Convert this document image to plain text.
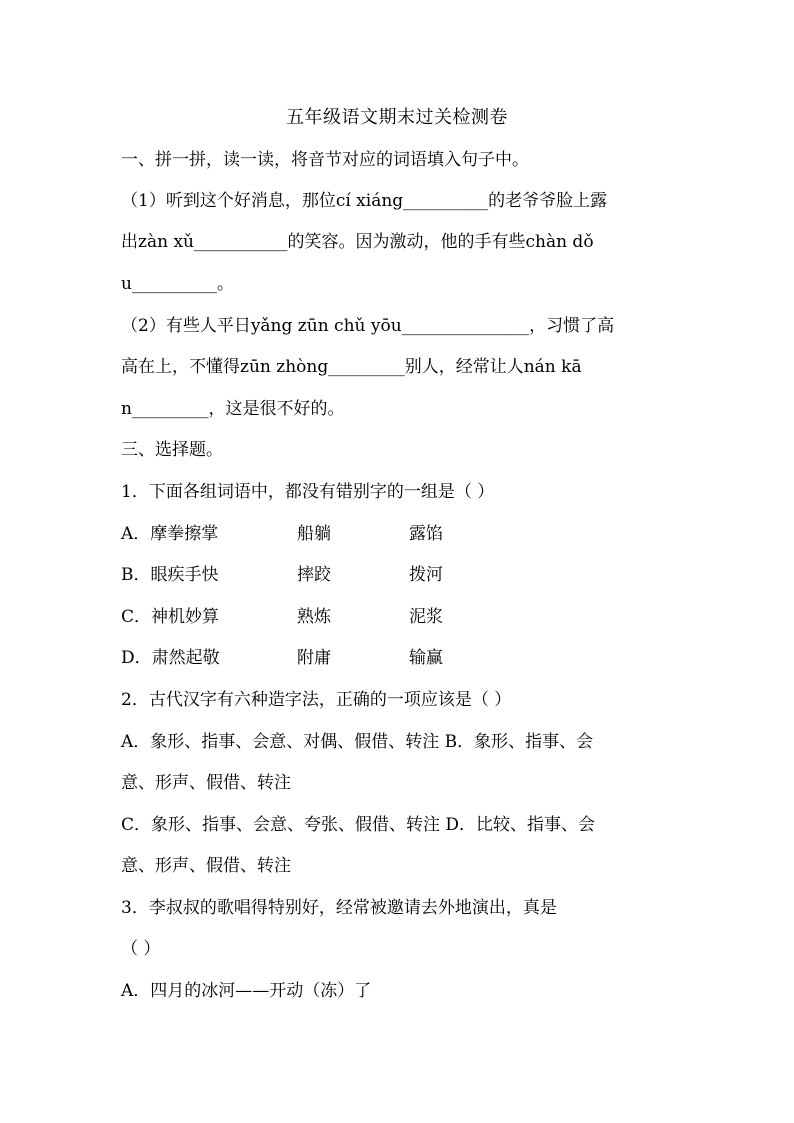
五年级语文期末过关检测卷
一、拼一拼，读一读，将音节对应的词语填入句子中。
（1）听到这个好消息，那位cí xiáng__________的老爷爷脸上露
出zàn xǔ___________的笑容。因为激动，他的手有些chàn dǒ
u__________。
（2）有些人平日yǎng zūn chǔ yōu_______________，习惯了高
高在上，不懂得zūn zhòng_________别人，经常让人nán kā
n_________，这是很不好的。
三、选择题。
1．下面各组词语中，都没有错别字的一组是（ ）
A．摩拳擦掌	船躺	露馅
B．眼疾手快	摔跤	拨河
C．神机妙算	熟炼	泥浆
D．肃然起敬	附庸	输赢
2．古代汉字有六种造字法，正确的一项应该是（ ）
A．象形、指事、会意、对偶、假借、转注 B．象形、指事、会
意、形声、假借、转注
C．象形、指事、会意、夸张、假借、转注 D．比较、指事、会
意、形声、假借、转注
3．李叔叔的歌唱得特别好，经常被邀请去外地演出，真是
（ ）
A．四月的冰河——开动（冻）了
